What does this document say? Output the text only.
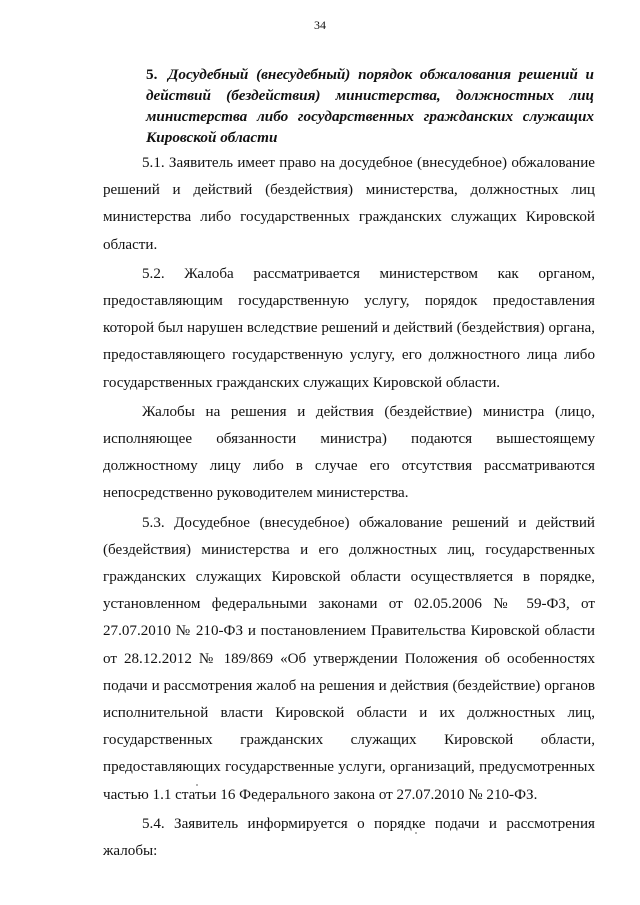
34
5. Досудебный (внесудебный) порядок обжалования решений и действий (бездействия) министерства, должностных лиц министерства либо государственных гражданских служащих Кировской области

5.1. Заявитель имеет право на досудебное (внесудебное) обжалование решений и действий (бездействия) министерства, должностных лиц министерства либо государственных гражданских служащих Кировской области.

5.2. Жалоба рассматривается министерством как органом, предоставляющим государственную услугу, порядок предоставления которой был нарушен вследствие решений и действий (бездействия) органа, предоставляющего государственную услугу, его должностного лица либо государственных гражданских служащих Кировской области.

Жалобы на решения и действия (бездействие) министра (лицо, исполняющее обязанности министра) подаются вышестоящему должностному лицу либо в случае его отсутствия рассматриваются непосредственно руководителем министерства.

5.3. Досудебное (внесудебное) обжалование решений и действий (бездействия) министерства и его должностных лиц, государственных гражданских служащих Кировской области осуществляется в порядке, установленном федеральными законами от 02.05.2006 № 59-ФЗ, от 27.07.2010 № 210-ФЗ и постановлением Правительства Кировской области от 28.12.2012 № 189/869 «Об утверждении Положения об особенностях подачи и рассмотрения жалоб на решения и действия (бездействие) органов исполнительной власти Кировской области и их должностных лиц, государственных гражданских служащих Кировской области, предоставляющих государственные услуги, организаций, предусмотренных частью 1.1 статьи 16 Федерального закона от 27.07.2010 № 210-ФЗ.

5.4. Заявитель информируется о порядке подачи и рассмотрения жалобы:
